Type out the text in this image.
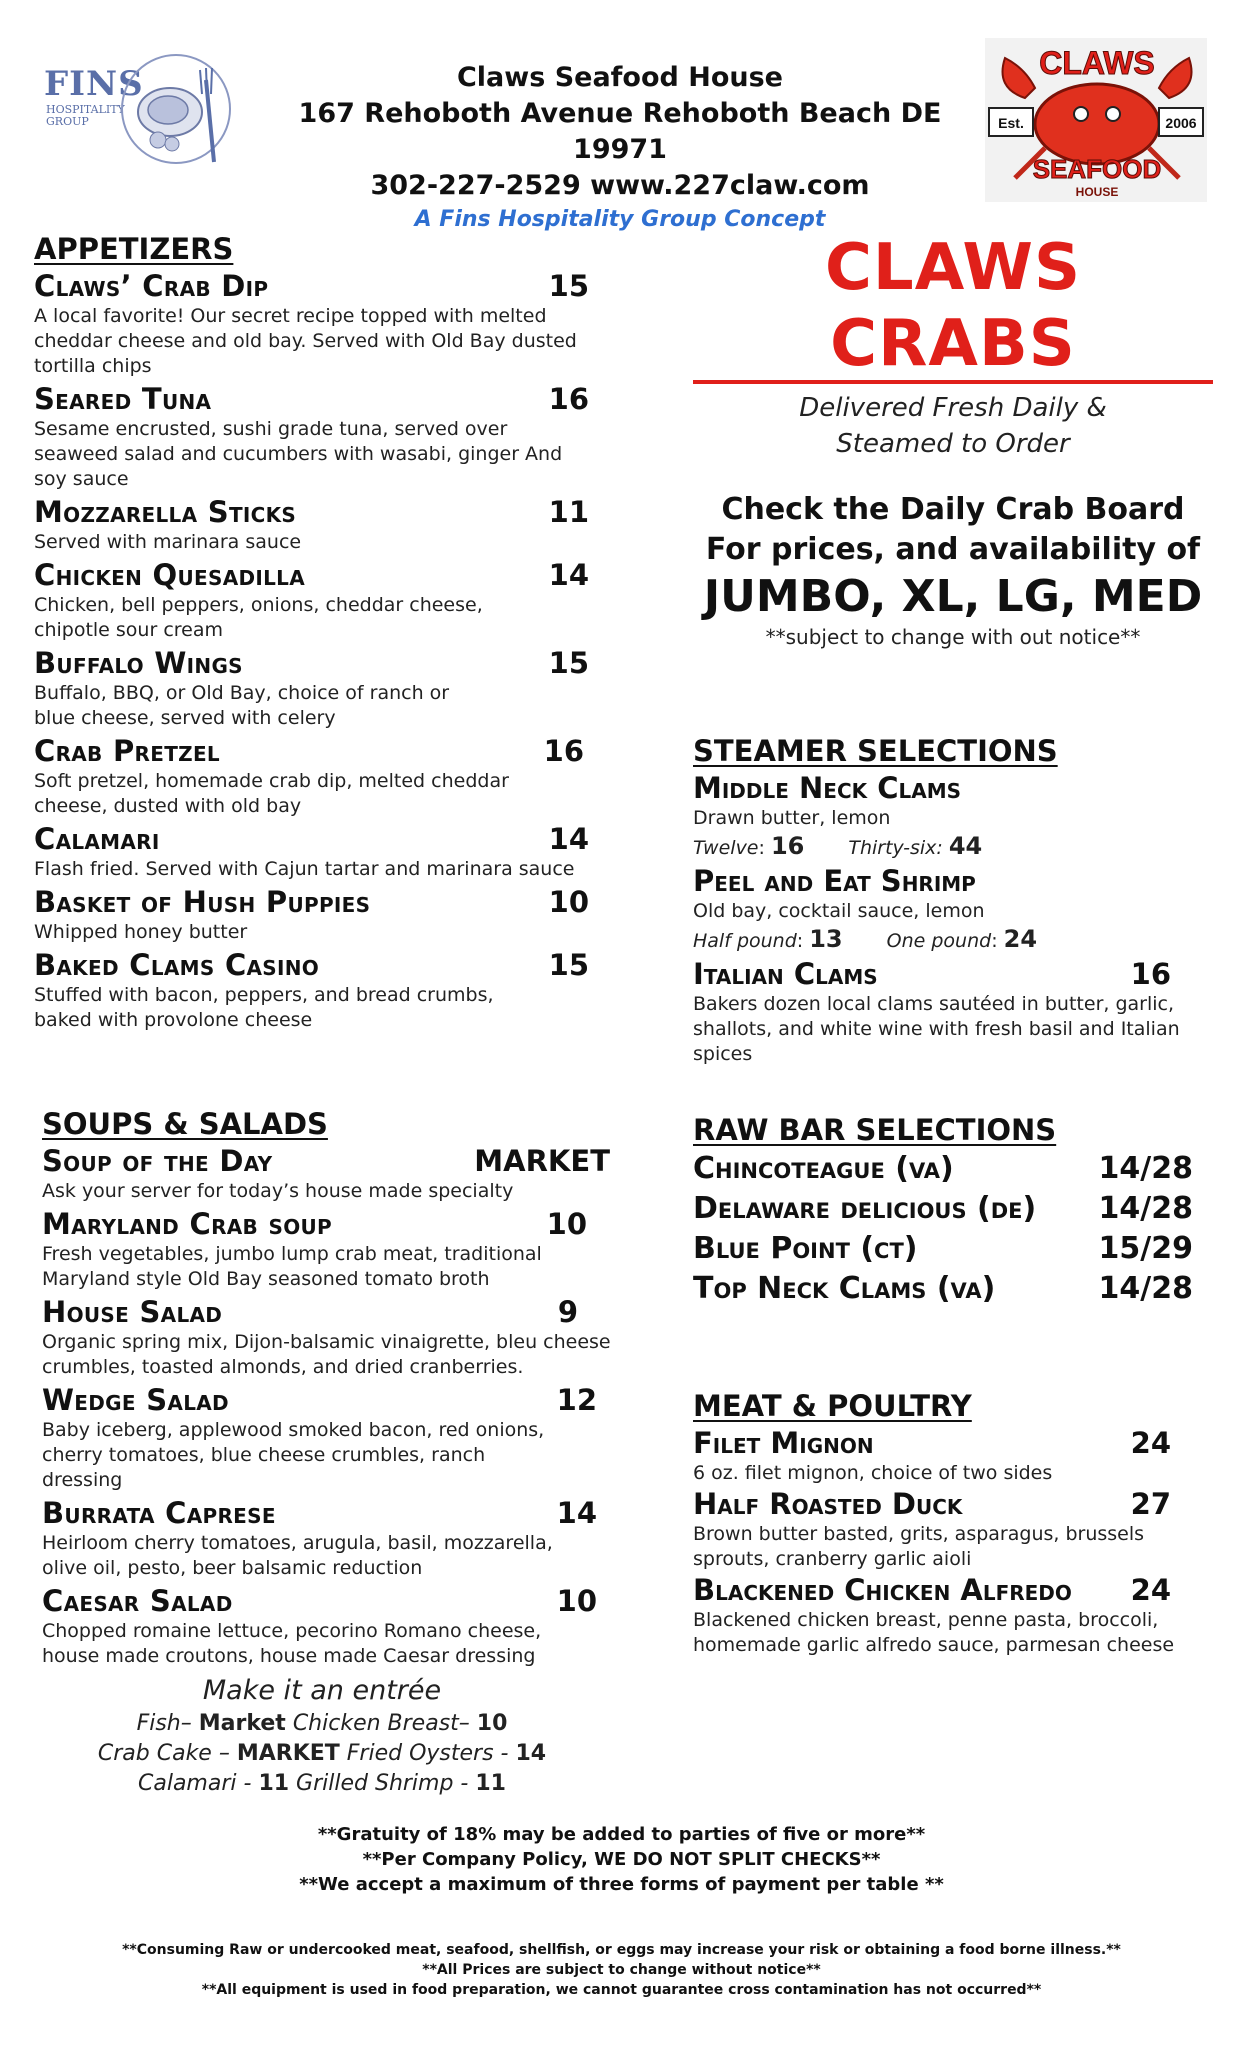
FINS
HOSPITALITY
GROUP
Claws Seafood House
167 Rehoboth Avenue Rehoboth Beach DE 19971
302-227-2529 www.227claw.com
A Fins Hospitality Group Concept
Est.	2006
CLAWS
SEAFOOD
HOUSE
APPETIZERS
Claws’ Crab Dip	15
A local favorite! Our secret recipe topped with melted cheddar cheese and old bay. Served with Old Bay dusted tortilla chips
Seared Tuna	16
Sesame encrusted, sushi grade tuna, served over seaweed salad and cucumbers with wasabi, ginger And soy sauce
Mozzarella Sticks	11
Served with marinara sauce
Chicken Quesadilla	14
Chicken, bell peppers, onions, cheddar cheese, chipotle sour cream
Buffalo Wings	15
Buffalo, BBQ, or Old Bay, choice of ranch or blue cheese, served with celery
Crab Pretzel	16
Soft pretzel, homemade crab dip, melted cheddar cheese, dusted with old bay
Calamari	14
Flash fried. Served with Cajun tartar and marinara sauce
Basket of Hush Puppies	10
Whipped honey butter
Baked Clams Casino	15
Stuffed with bacon, peppers, and bread crumbs, baked with provolone cheese
SOUPS & SALADS
Soup of the Day	MARKET
Ask your server for today’s house made specialty
Maryland Crab soup	10
Fresh vegetables, jumbo lump crab meat, traditional Maryland style Old Bay seasoned tomato broth
House Salad	9
Organic spring mix, Dijon-balsamic vinaigrette, bleu cheese crumbles, toasted almonds, and dried cranberries.
Wedge Salad	12
Baby iceberg, applewood smoked bacon, red onions, cherry tomatoes, blue cheese crumbles, ranch dressing
Burrata Caprese	14
Heirloom cherry tomatoes, arugula, basil, mozzarella, olive oil, pesto, beer balsamic reduction
Caesar Salad	10
Chopped romaine lettuce, pecorino Romano cheese, house made croutons, house made Caesar dressing
Make it an entrée
Fish– Market Chicken Breast– 10
Crab Cake – MARKET Fried Oysters - 14
Calamari - 11 Grilled Shrimp - 11
CLAWS CRABS
Delivered Fresh Daily &
Steamed to Order
Check the Daily Crab Board
For prices, and availability of
JUMBO, XL, LG, MED
**subject to change with out notice**
STEAMER SELECTIONS
Middle Neck Clams
Drawn butter, lemon
Twelve: 16 Thirty-six: 44
Peel and Eat Shrimp
Old bay, cocktail sauce, lemon
Half pound: 13 One pound: 24
Italian Clams	16
Bakers dozen local clams sautéed in butter, garlic, shallots, and white wine with fresh basil and Italian spices
RAW BAR SELECTIONS
Chincoteague (va)	14/28
Delaware delicious (de) 14/28
Blue Point (ct)	15/29
Top Neck Clams (va)	14/28
MEAT & POULTRY
Filet Mignon	24
6 oz. filet mignon, choice of two sides
Half Roasted Duck	27
Brown butter basted, grits, asparagus, brussels sprouts, cranberry garlic aioli
Blackened Chicken Alfredo 24
Blackened chicken breast, penne pasta, broccoli, homemade garlic alfredo sauce, parmesan cheese
**Gratuity of 18% may be added to parties of five or more**
**Per Company Policy, WE DO NOT SPLIT CHECKS**
**We accept a maximum of three forms of payment per table **
**Consuming Raw or undercooked meat, seafood, shellfish, or eggs may increase your risk or obtaining a food borne illness.**
**All Prices are subject to change without notice**
**All equipment is used in food preparation, we cannot guarantee cross contamination has not occurred**
